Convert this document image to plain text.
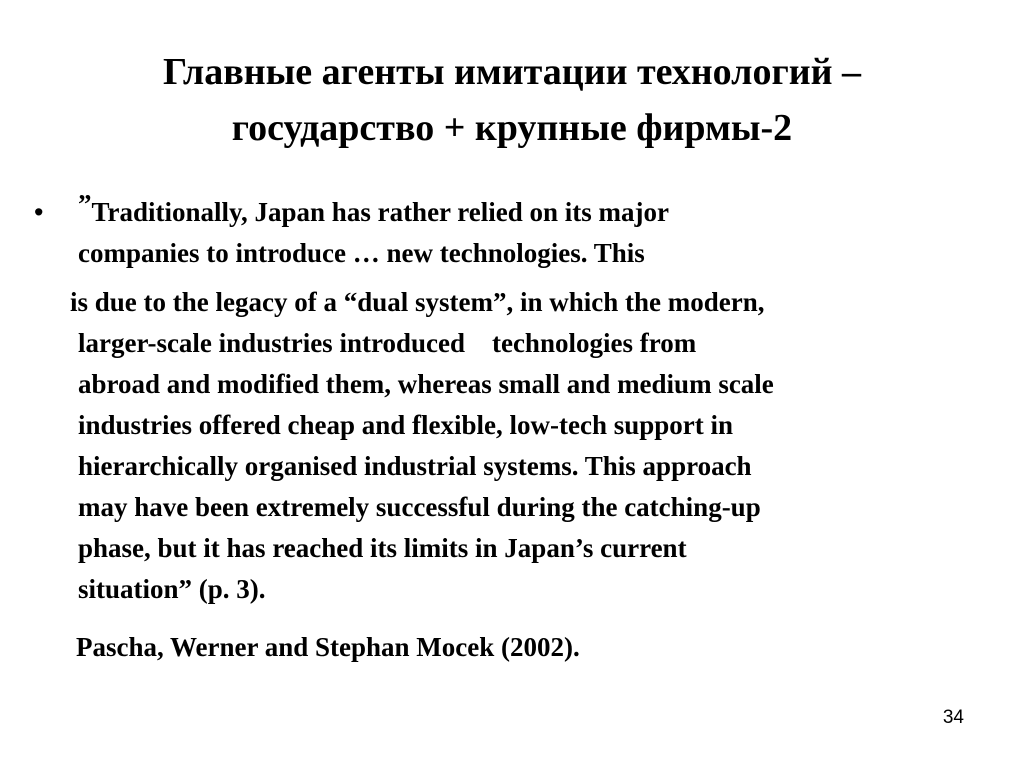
Главные агенты имитации технологий –
государство + крупные фирмы-2
• ”Traditionally, Japan has rather relied on its major
companies to introduce … new technologies. This
is due to the legacy of a “dual system”, in which the modern,
larger-scale industries introduced    technologies from
abroad and modified them, whereas small and medium scale
industries offered cheap and flexible, low-tech support in
hierarchically organised industrial systems. This approach
may have been extremely successful during the catching-up
phase, but it has reached its limits in Japan’s current
situation” (p. 3).
Pascha, Werner and Stephan Mocek (2002).
34
